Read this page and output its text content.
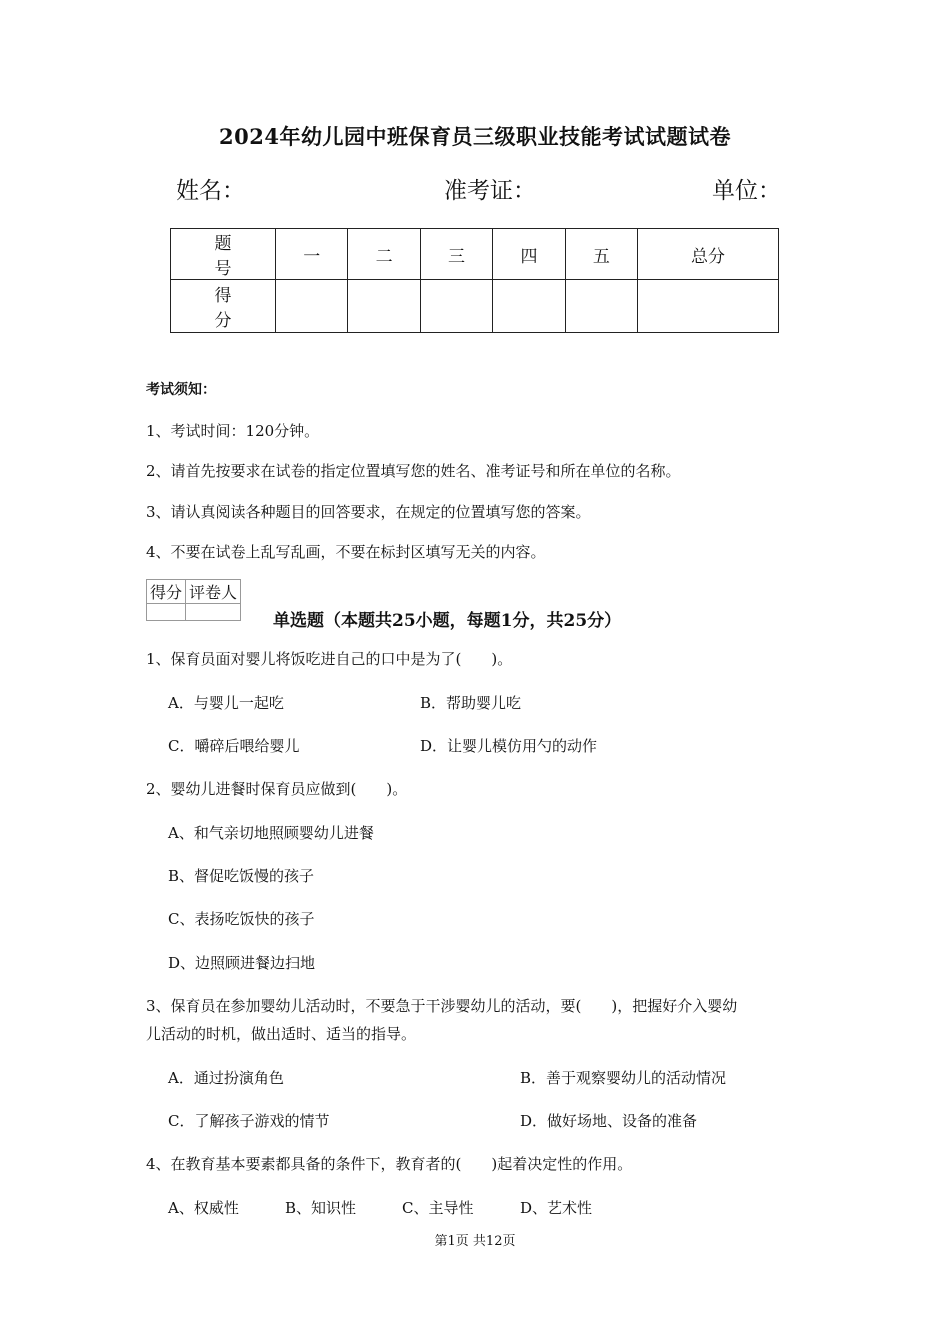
2024年幼儿园中班保育员三级职业技能考试试题试卷
姓名：	准考证：	单位：
题　号	一	二	三	四	五	总分
得　分						
考试须知：
1、考试时间：120分钟。
2、请首先按要求在试卷的指定位置填写您的姓名、准考证号和所在单位的名称。
3、请认真阅读各种题目的回答要求，在规定的位置填写您的答案。
4、不要在试卷上乱写乱画，不要在标封区填写无关的内容。
得分	评卷人

单选题（本题共25小题，每题1分，共25分）
1、保育员面对婴儿将饭吃进自己的口中是为了(　　)。
A．与婴儿一起吃	B．帮助婴儿吃
C．嚼碎后喂给婴儿	D．让婴儿模仿用勺的动作
2、婴幼儿进餐时保育员应做到(　　)。
A、和气亲切地照顾婴幼儿进餐
B、督促吃饭慢的孩子
C、表扬吃饭快的孩子
D、边照顾进餐边扫地
3、保育员在参加婴幼儿活动时，不要急于干涉婴幼儿的活动，要(　　)，把握好介入婴幼
儿活动的时机，做出适时、适当的指导。
A．通过扮演角色	B．善于观察婴幼儿的活动情况
C．了解孩子游戏的情节	D．做好场地、设备的准备
4、在教育基本要素都具备的条件下，教育者的(　　)起着决定性的作用。
A、权威性	B、知识性	C、主导性	D、艺术性
第1页 共12页
